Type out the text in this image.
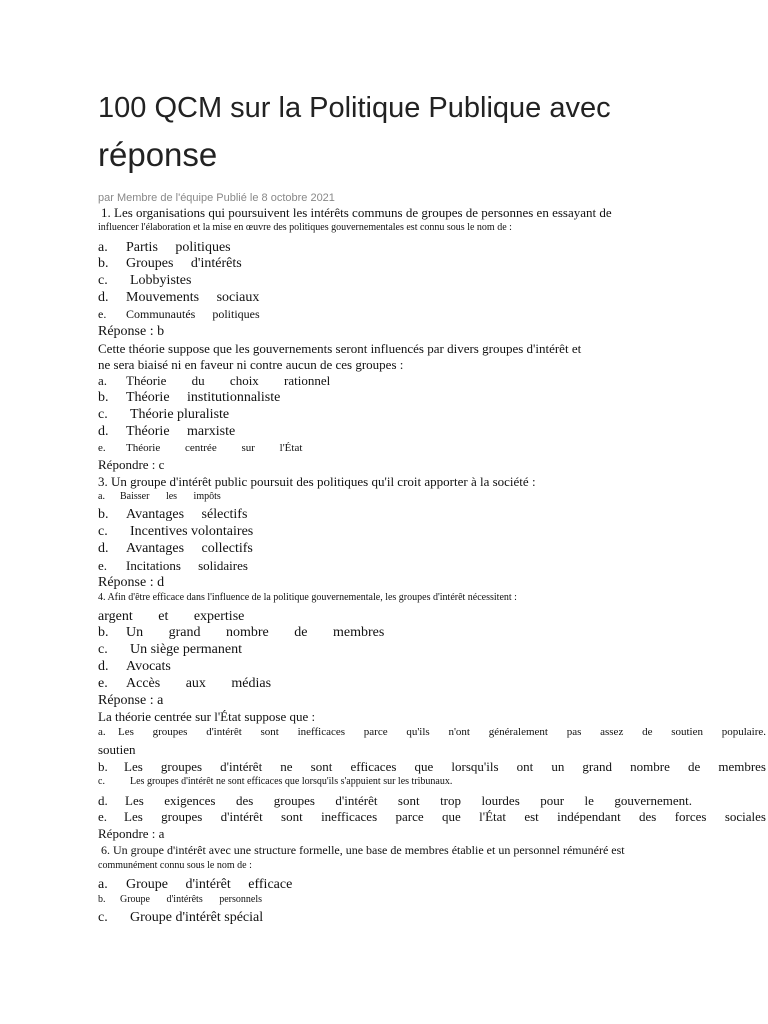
100 QCM sur la Politique Publique avec
réponse
par Membre de l'équipe Publié le 8 octobre 2021
1. Les organisations qui poursuivent les intérêts communs de groupes de personnes en essayant de
influencer l'élaboration et la mise en œuvre des politiques gouvernementales est connu sous le nom de :
a. Partis politiques
b. Groupes d'intérêts
c. Lobbyistes
d. Mouvements sociaux
e. Communautés politiques
Réponse : b
Cette théorie suppose que les gouvernements seront influencés par divers groupes d'intérêt et
ne sera biaisé ni en faveur ni contre aucun de ces groupes :
a. Théorie du choix rationnel
b. Théorie institutionnaliste
c. Théorie pluraliste
d. Théorie marxiste
e. Théorie centrée sur l'État
Répondre : c
3. Un groupe d'intérêt public poursuit des politiques qu'il croit apporter à la société :
a. Baisser les impôts
b. Avantages sélectifs
c. Incentives volontaires
d. Avantages collectifs
e. Incitations solidaires
Réponse : d
4. Afin d'être efficace dans l'influence de la politique gouvernementale, les groupes d'intérêt nécessitent :
argent et expertise
b. Un grand nombre de membres
c. Un siège permanent
d. Avocats
e. Accès aux médias
Réponse : a
La théorie centrée sur l'État suppose que :
a.	Les groupes d'intérêt sont inefficaces parce qu'ils n'ont généralement pas assez de soutien populaire.
soutien
b.	Les groupes d'intérêt ne sont efficaces que lorsqu'ils ont un grand nombre de membres
c.	Les groupes d'intérêt ne sont efficaces que lorsqu'ils s'appuient sur les tribunaux.
d.	Les exigences des groupes d'intérêt sont trop lourdes pour le gouvernement.
e.	Les groupes d'intérêt sont inefficaces parce que l'État est indépendant des forces sociales
Répondre : a
6. Un groupe d'intérêt avec une structure formelle, une base de membres établie et un personnel rémunéré est
communément connu sous le nom de :
a. Groupe d'intérêt efficace
b. Groupe d'intérêts personnels
c. Groupe d'intérêt spécial
